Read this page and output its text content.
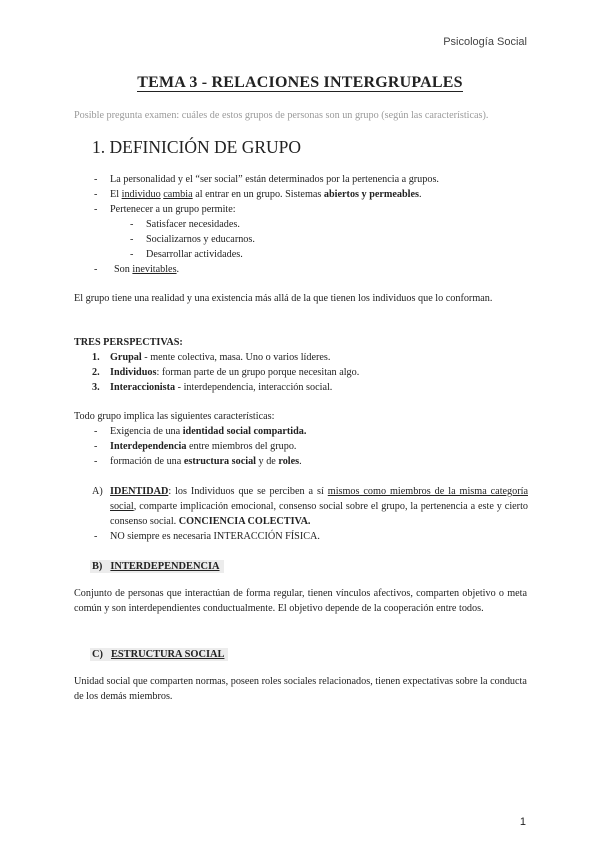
Psicología Social
TEMA 3 - RELACIONES INTERGRUPALES
Posible pregunta examen: cuáles de estos grupos de personas son un grupo (según las características).
1. DEFINICIÓN DE GRUPO
- La personalidad y el “ser social” están determinados por la pertenencia a grupos.
- El individuo cambia al entrar en un grupo. Sistemas abiertos y permeables.
- Pertenecer a un grupo permite:
- Satisfacer necesidades.
- Socializarnos y educarnos.
- Desarrollar actividades.
- Son inevitables.
El grupo tiene una realidad y una existencia más allá de la que tienen los individuos que lo conforman.
TRES PERSPECTIVAS:
1. Grupal - mente colectiva, masa. Uno o varios líderes.
2. Individuos: forman parte de un grupo porque necesitan algo.
3. Interaccionista - interdependencia, interacción social.
Todo grupo implica las siguientes características:
- Exigencia de una identidad social compartida.
- Interdependencia entre miembros del grupo.
- formación de una estructura social y de roles.
A) IDENTIDAD: los Individuos que se perciben a sí mismos como miembros de la misma categoría social, comparte implicación emocional, consenso social sobre el grupo, la pertenencia a este y cierto consenso social. CONCIENCIA COLECTIVA.
- NO siempre es necesaria INTERACCIÓN FÍSICA.
B) INTERDEPENDENCIA
Conjunto de personas que interactúan de forma regular, tienen vínculos afectivos, comparten objetivo o meta común y son interdependientes conductualmente. El objetivo depende de la cooperación entre todos.
C) ESTRUCTURA SOCIAL
Unidad social que comparten normas, poseen roles sociales relacionados, tienen expectativas sobre la conducta de los demás miembros.
1
